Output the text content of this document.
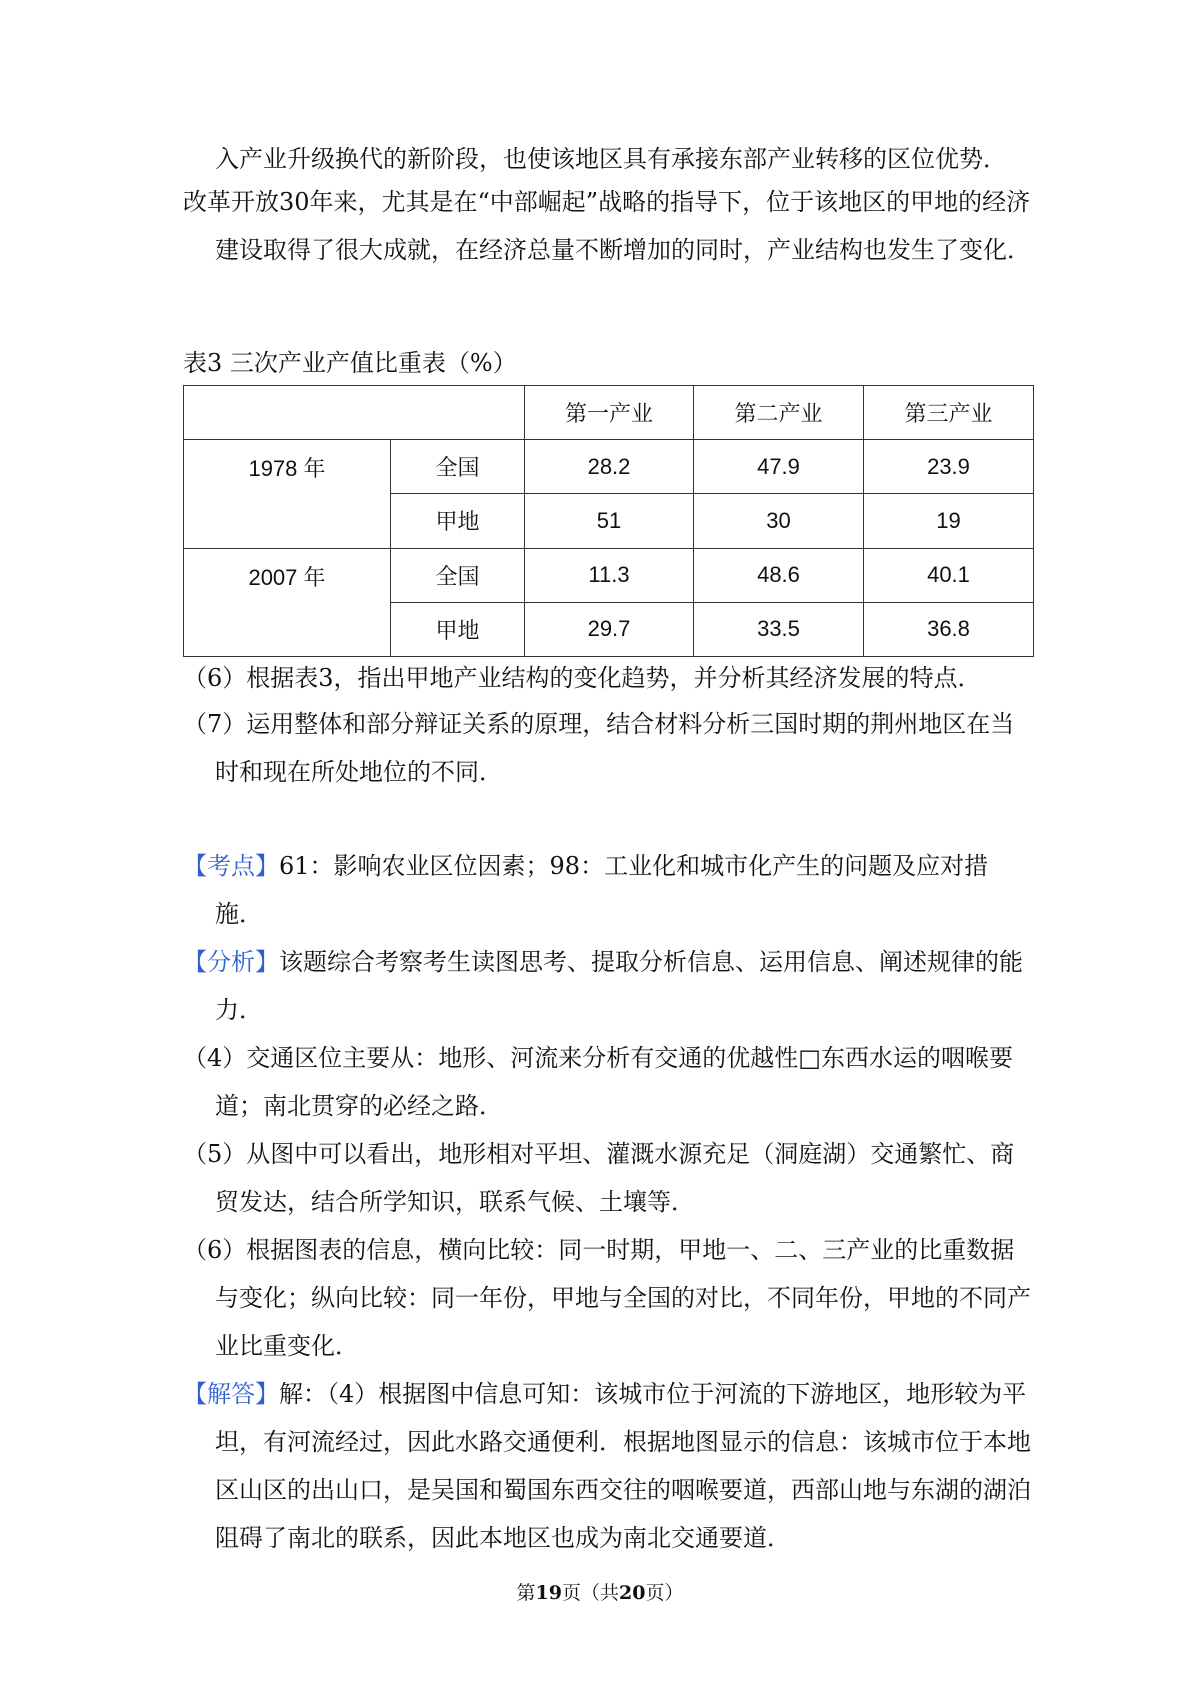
入产业升级换代的新阶段，也使该地区具有承接东部产业转移的区位优势．

改革开放30年来，尤其是在“中部崛起”战略的指导下，位于该地区的甲地的经济建设取得了很大成就，在经济总量不断增加的同时，产业结构也发生了变化．

表3 三次产业产值比重表（%）

		第一产业	第二产业	第三产业
1978 年	全国	28.2	47.9	23.9
	甲地	51	30	19
2007 年	全国	11.3	48.6	40.1
	甲地	29.7	33.5	36.8

（6）根据表3，指出甲地产业结构的变化趋势，并分析其经济发展的特点．

（7）运用整体和部分辩证关系的原理，结合材料分析三国时期的荆州地区在当时和现在所处地位的不同．

【考点】61：影响农业区位因素；98：工业化和城市化产生的问题及应对措施．

【分析】该题综合考察考生读图思考、提取分析信息、运用信息、阐述规律的能力．

（4）交通区位主要从：地形、河流来分析有交通的优越性□东西水运的咽喉要道；南北贯穿的必经之路．

（5）从图中可以看出，地形相对平坦、灌溉水源充足（洞庭湖）交通繁忙、商贸发达，结合所学知识，联系气候、土壤等．

（6）根据图表的信息，横向比较：同一时期，甲地一、二、三产业的比重数据与变化；纵向比较：同一年份，甲地与全国的对比，不同年份，甲地的不同产业比重变化．

【解答】解：（4）根据图中信息可知：该城市位于河流的下游地区，地形较为平坦，有河流经过，因此水路交通便利．根据地图显示的信息：该城市位于本地区山区的出山口，是吴国和蜀国东西交往的咽喉要道，西部山地与东湖的湖泊阻碍了南北的联系，因此本地区也成为南北交通要道．

第19页（共20页）
